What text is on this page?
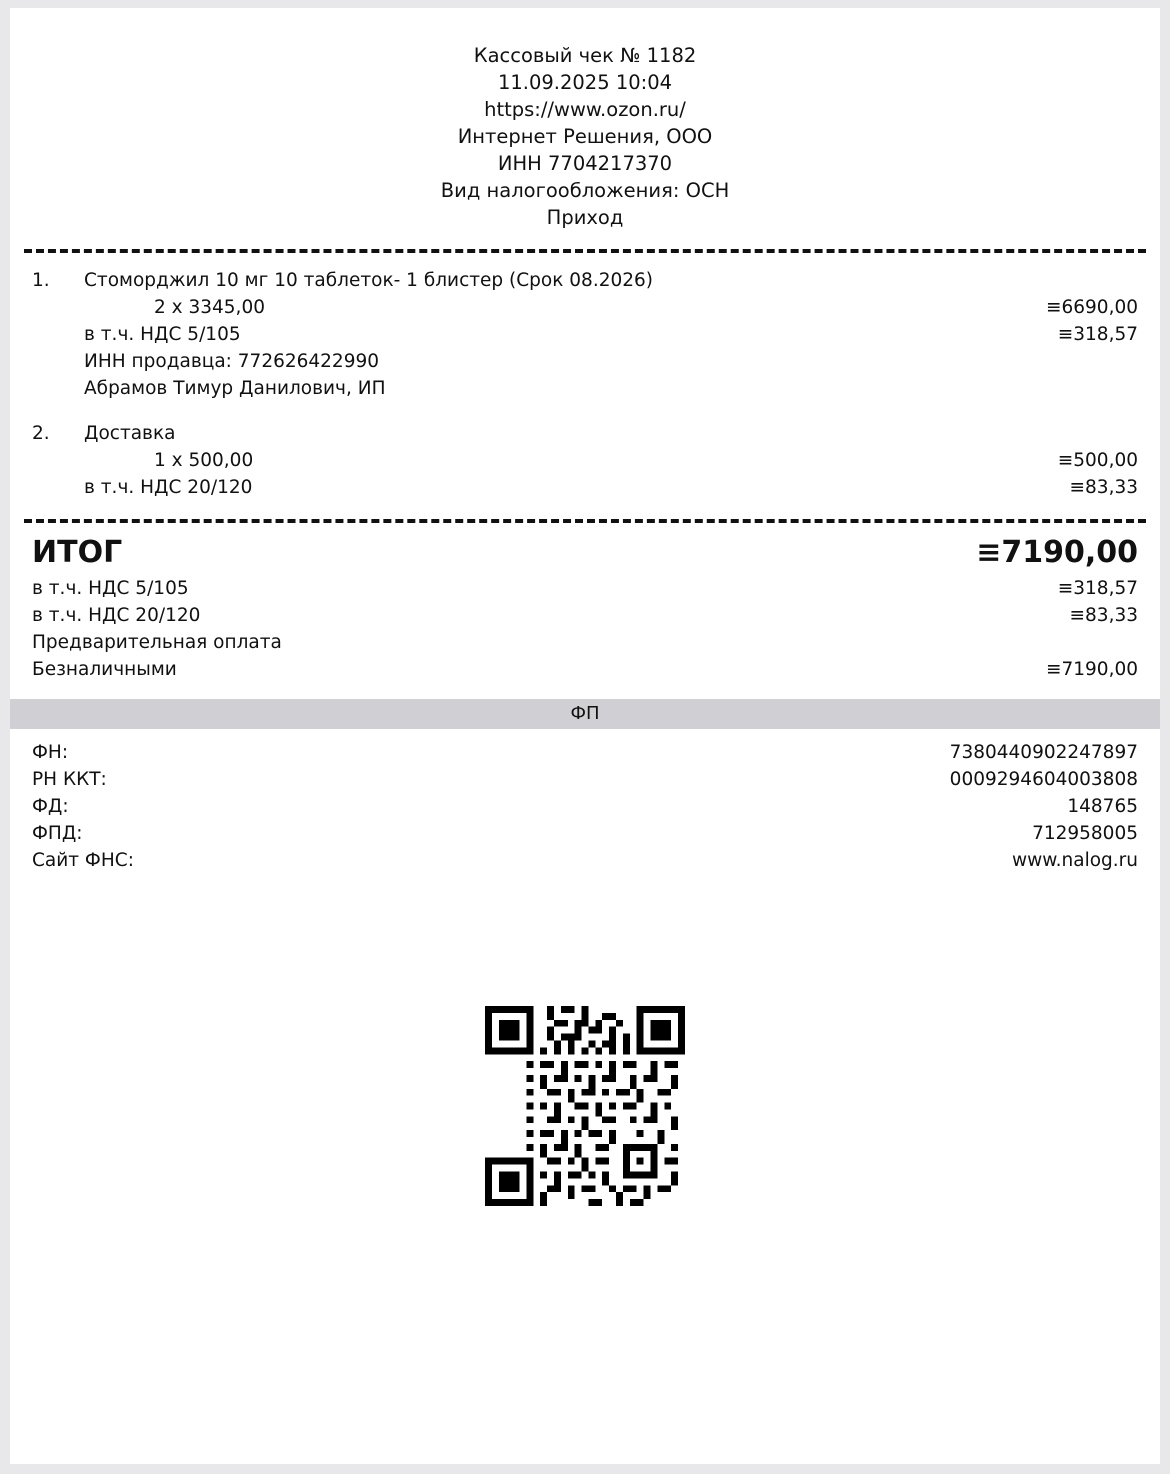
Кассовый чек № 1182
11.09.2025 10:04
https://www.ozon.ru/
Интернет Решения, ООО
ИНН 7704217370
Вид налогообложения: ОСН
Приход
1.	Стоморджил 10 мг 10 таблеток- 1 блистер (Срок 08.2026)
2 х 3345,00	≡6690,00
в т.ч. НДС 5/105	≡318,57
ИНН продавца: 772626422990
Абрамов Тимур Данилович, ИП
2.	Доставка
1 х 500,00	≡500,00
в т.ч. НДС 20/120	≡83,33
ИТОГ	≡7190,00
в т.ч. НДС 5/105	≡318,57
в т.ч. НДС 20/120	≡83,33
Предварительная оплата
Безналичными	≡7190,00
ФП
ФН:	7380440902247897
РН ККТ:	0009294604003808
ФД:	148765
ФПД:	712958005
Сайт ФНС:	www.nalog.ru
